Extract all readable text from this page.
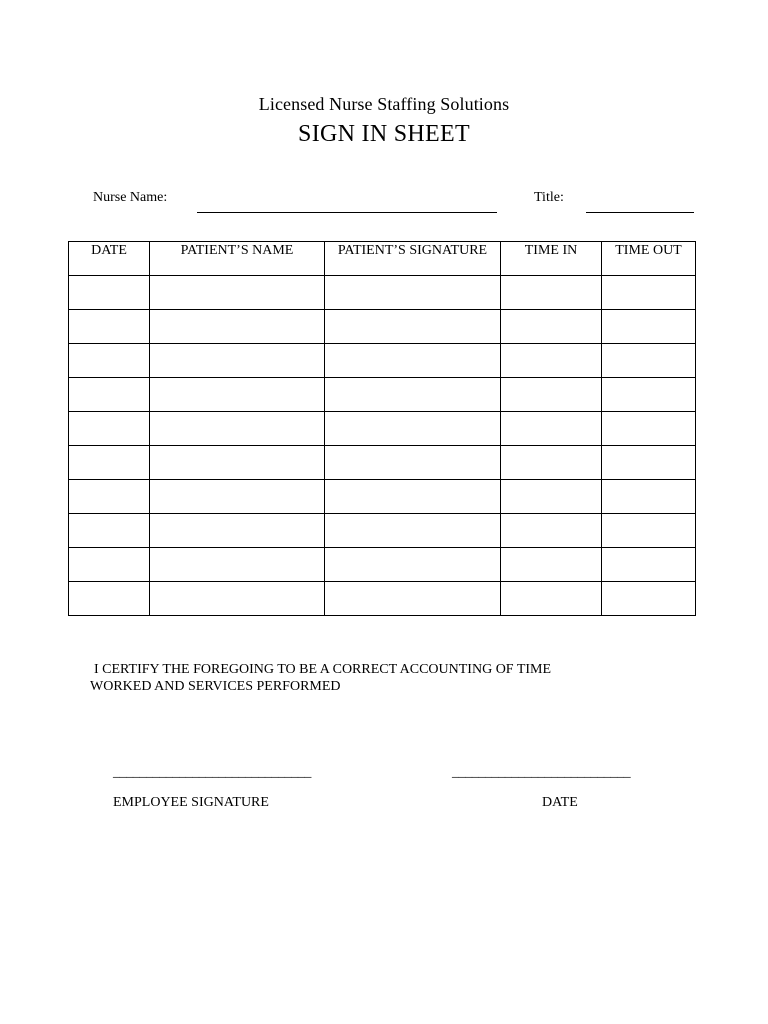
Licensed Nurse Staffing Solutions
SIGN IN SHEET
Nurse Name:	Title:
DATE	PATIENT’S NAME	PATIENT’S SIGNATURE	TIME IN	TIME OUT

I CERTIFY THE FOREGOING TO BE A CORRECT ACCOUNTING OF TIME
WORKED AND SERVICES PERFORMED
______________________________	___________________________
EMPLOYEE SIGNATURE	DATE
